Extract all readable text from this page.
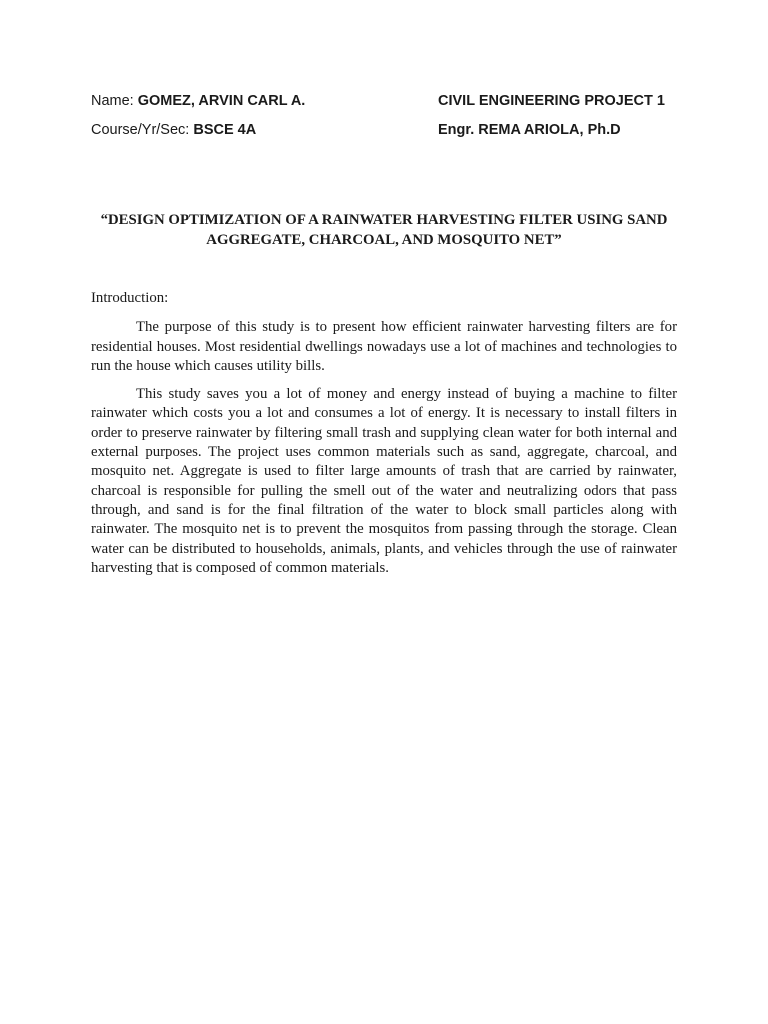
Name: GOMEZ, ARVIN CARL A.	CIVIL ENGINEERING PROJECT 1
Course/Yr/Sec: BSCE 4A	Engr. REMA ARIOLA, Ph.D
“DESIGN OPTIMIZATION OF A RAINWATER HARVESTING FILTER USING SAND AGGREGATE, CHARCOAL, AND MOSQUITO NET”

Introduction:

The purpose of this study is to present how efficient rainwater harvesting filters are for residential houses. Most residential dwellings nowadays use a lot of machines and technologies to run the house which causes utility bills.

This study saves you a lot of money and energy instead of buying a machine to filter rainwater which costs you a lot and consumes a lot of energy. It is necessary to install filters in order to preserve rainwater by filtering small trash and supplying clean water for both internal and external purposes. The project uses common materials such as sand, aggregate, charcoal, and mosquito net. Aggregate is used to filter large amounts of trash that are carried by rainwater, charcoal is responsible for pulling the smell out of the water and neutralizing odors that pass through, and sand is for the final filtration of the water to block small particles along with rainwater. The mosquito net is to prevent the mosquitos from passing through the storage. Clean water can be distributed to households, animals, plants, and vehicles through the use of rainwater harvesting that is composed of common materials.
